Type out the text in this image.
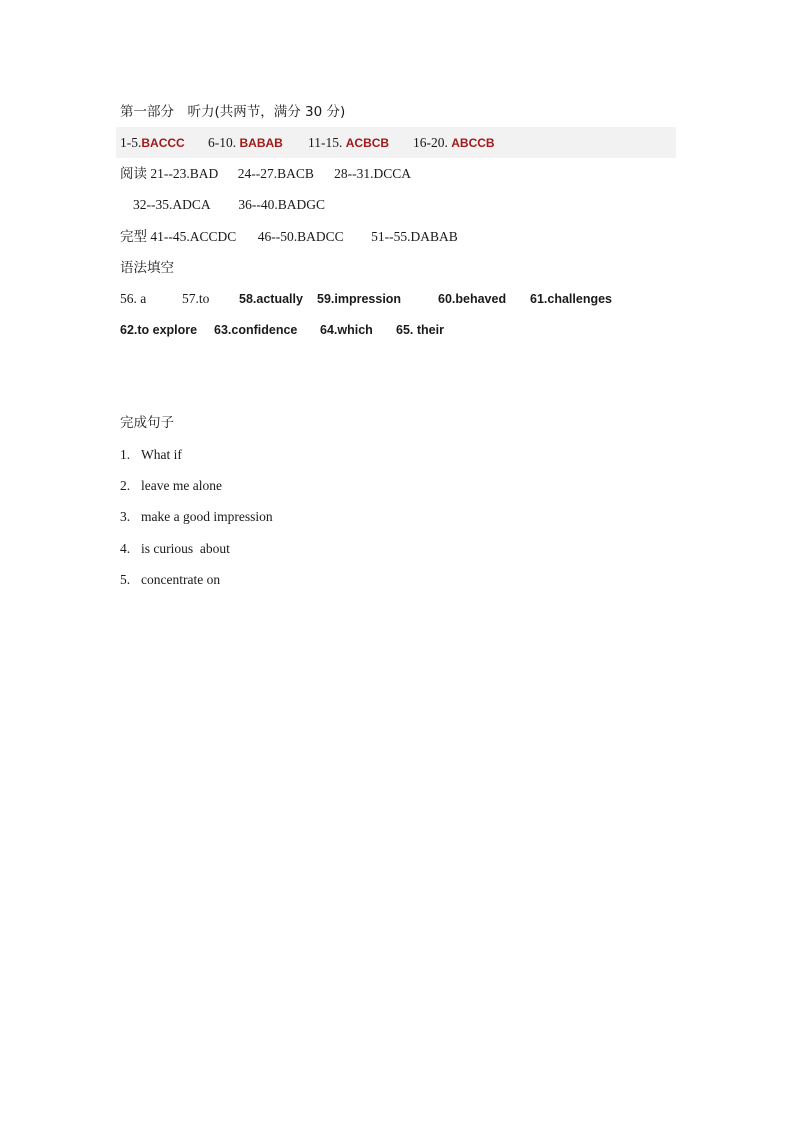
第一部分　听力(共两节，满分 30 分)
1-5.BACCC 6-10. BABAB 11-15. ACBCB 16-20. ABCCB
阅读 21--23.BAD 24--27.BACB 28--31.DCCA
32--35.ADCA 36--40.BADGC
完型 41--45.ACCDC 46--50.BADCC 51--55.DABAB
语法填空
56. a	57.to 58.actually 59.impression	60.behaved 61.challenges
62.to explore 63.confidence 64.which 65. their
完成句子
1. What if
2. leave me alone
3. make a good impression
4. is curious  about
5. concentrate on
